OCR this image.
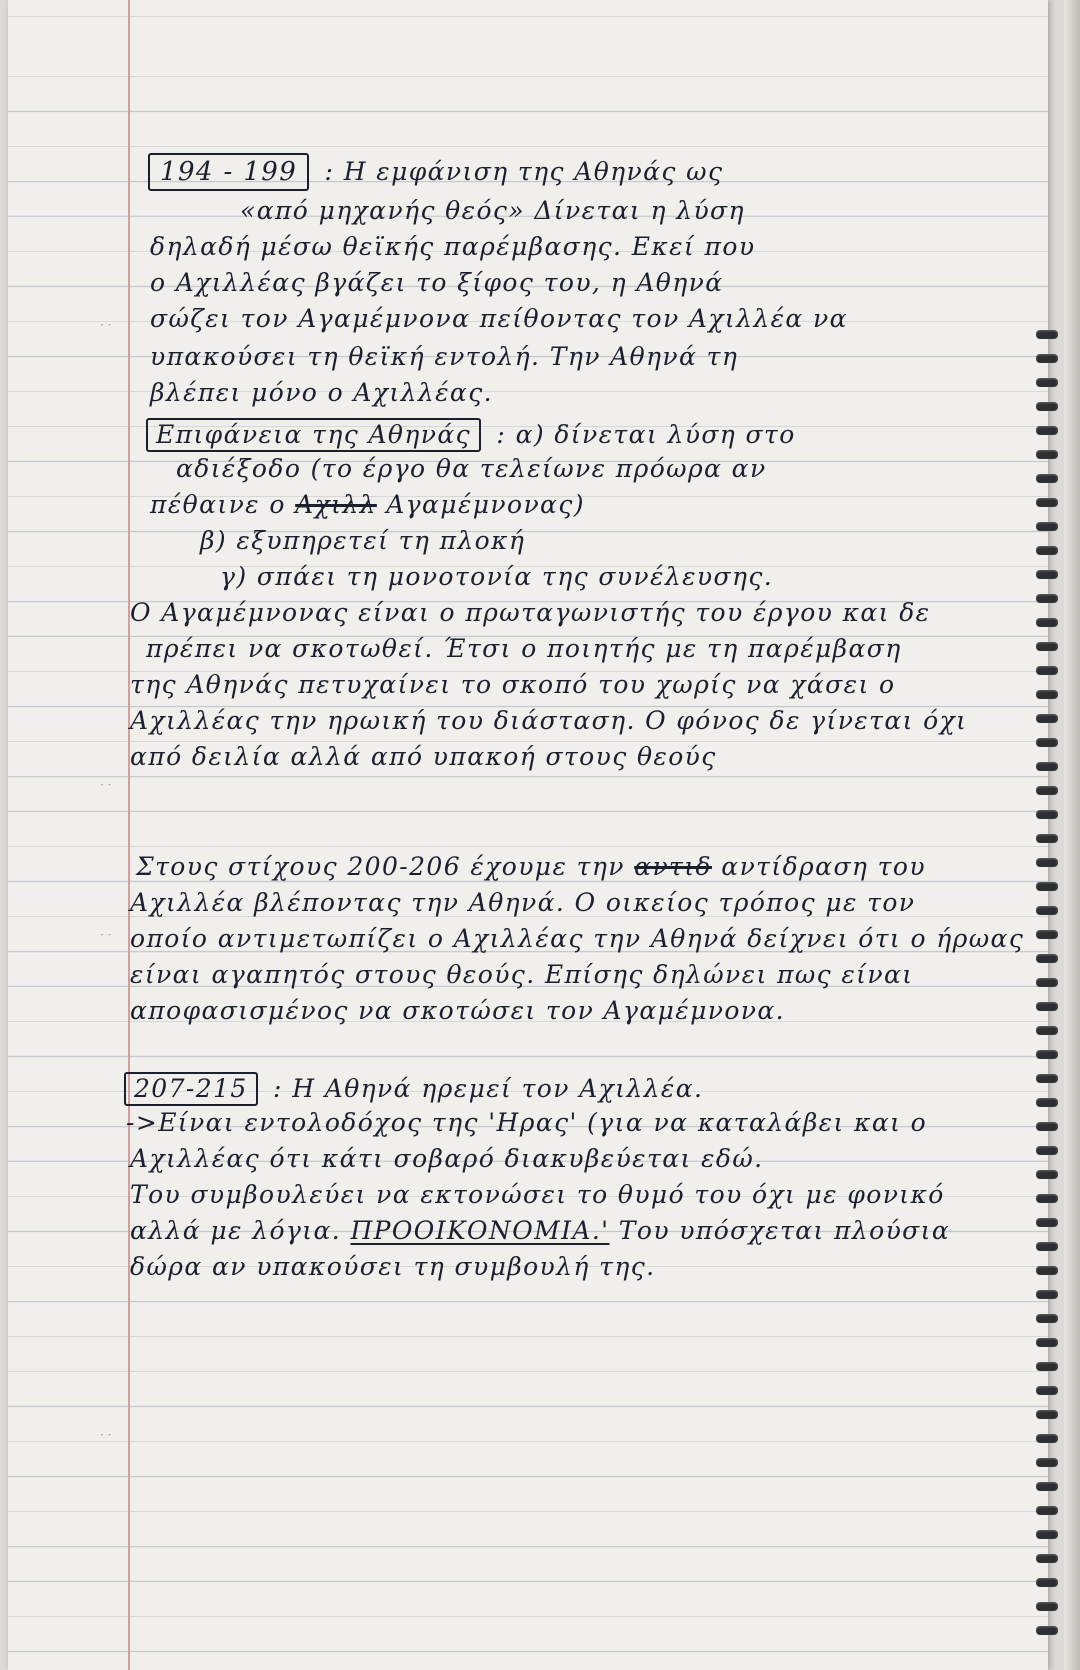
· ·
· ·
· ·
· ·
194 - 199 : Η εμφάνιση της Αθηνάς ως
«από μηχανής θεός» Δίνεται η λύση
δηλαδή μέσω θεϊκής παρέμβασης. Εκεί που
ο Αχιλλέας βγάζει το ξίφος του, η Αθηνά
σώζει τον Αγαμέμνονα πείθοντας τον Αχιλλέα να
υπακούσει τη θεϊκή εντολή. Την Αθηνά τη
βλέπει μόνο ο Αχιλλέας.
Επιφάνεια της Αθηνάς : α) δίνεται λύση στο
αδιέξοδο (το έργο θα τελείωνε πρόωρα αν
πέθαινε ο Αχιλλ Αγαμέμνονας)
β) εξυπηρετεί τη πλοκή
γ) σπάει τη μονοτονία της συνέλευσης.
Ο Αγαμέμνονας είναι ο πρωταγωνιστής του έργου και δε
πρέπει να σκοτωθεί. Έτσι ο ποιητής με τη παρέμβαση
της Αθηνάς πετυχαίνει το σκοπό του χωρίς να χάσει ο
Αχιλλέας την ηρωική του διάσταση. Ο φόνος δε γίνεται όχι
από δειλία αλλά από υπακοή στους θεούς
Στους στίχους 200-206 έχουμε την αντιδ αντίδραση του
Αχιλλέα βλέποντας την Αθηνά. Ο οικείος τρόπος με τον
οποίο αντιμετωπίζει ο Αχιλλέας την Αθηνά δείχνει ότι ο ήρωας
είναι αγαπητός στους θεούς. Επίσης δηλώνει πως είναι
αποφασισμένος να σκοτώσει τον Αγαμέμνονα.
207-215 : Η Αθηνά ηρεμεί τον Αχιλλέα.
->Είναι εντολοδόχος της 'Ηρας' (για να καταλάβει και ο
Αχιλλέας ότι κάτι σοβαρό διακυβεύεται εδώ.
Του συμβουλεύει να εκτονώσει το θυμό του όχι με φονικό
αλλά με λόγια. ΠΡΟΟΙΚΟΝΟΜΙΑ.' Του υπόσχεται πλούσια
δώρα αν υπακούσει τη συμβουλή της.
